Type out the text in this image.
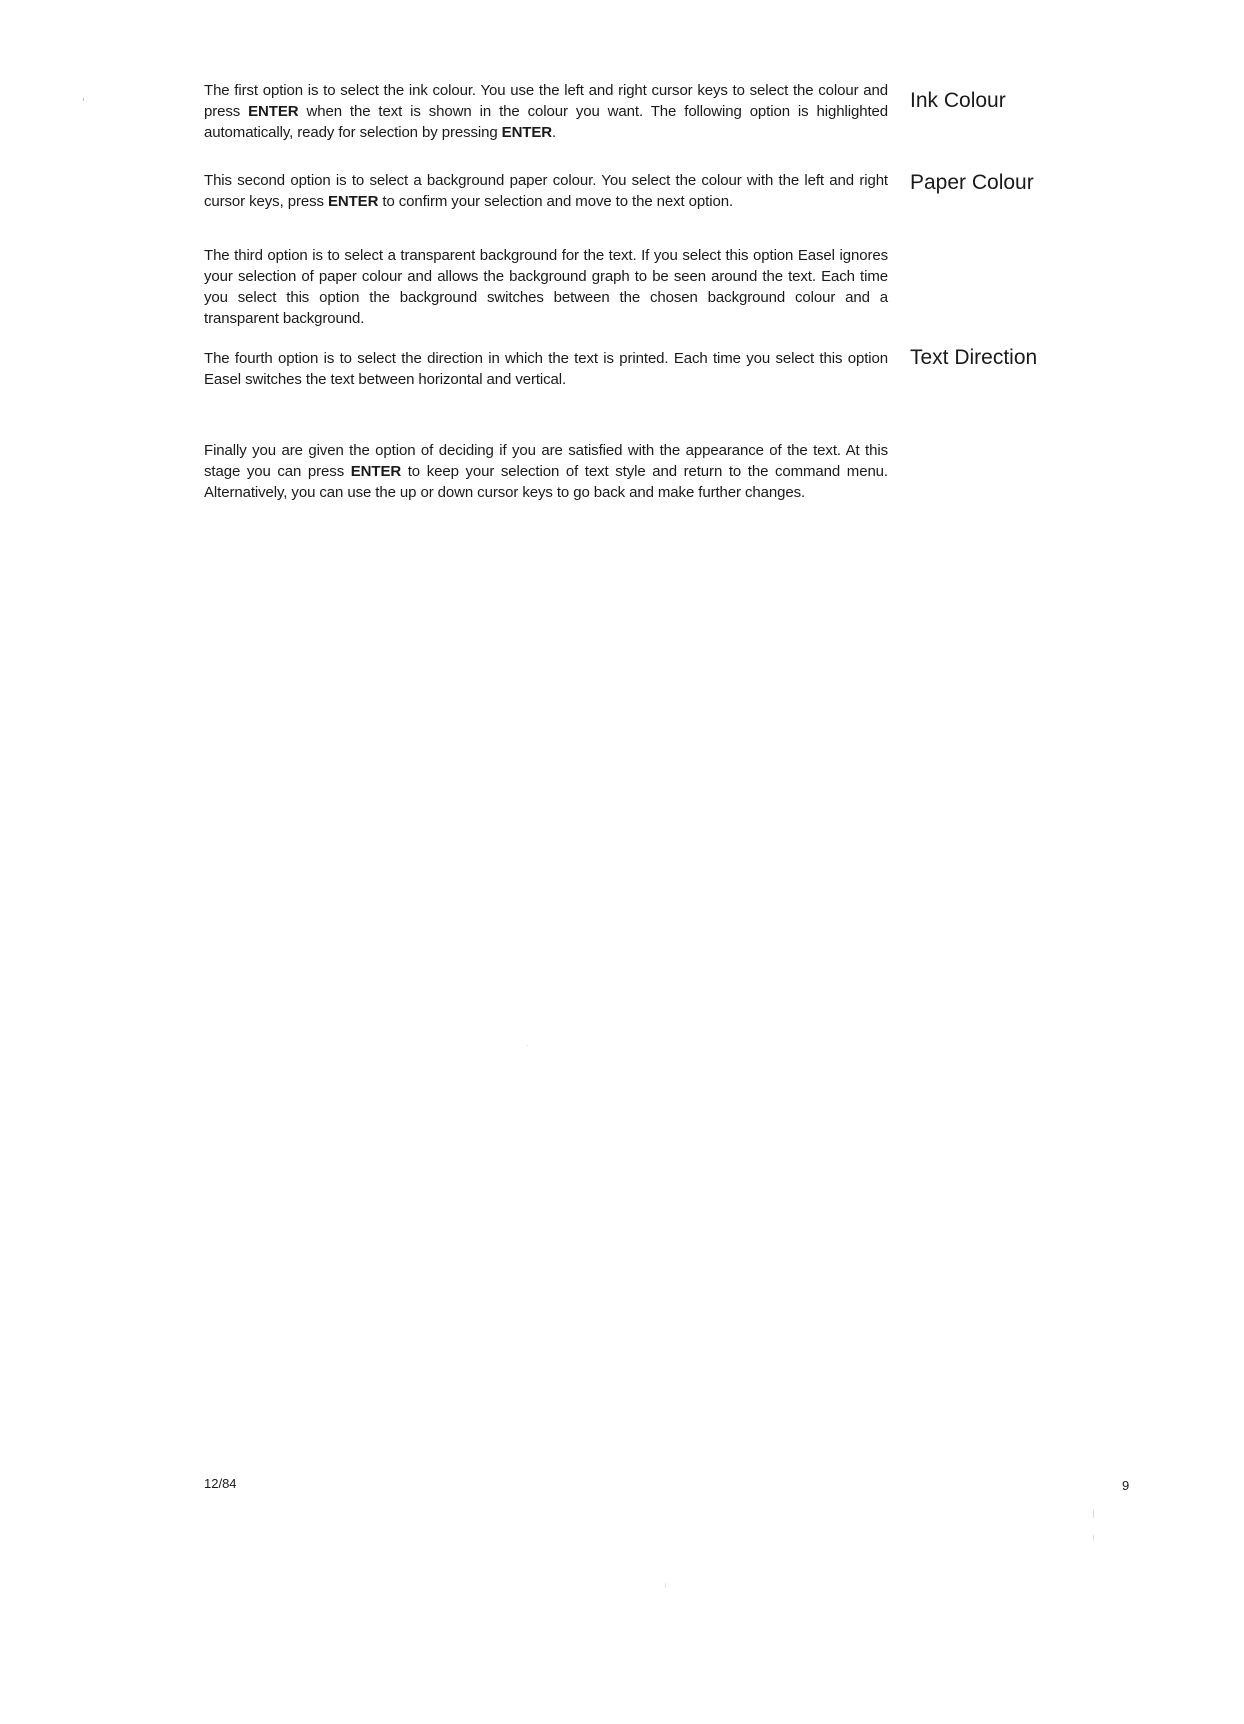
The first option is to select the ink colour. You use the left and right cursor keys to select the colour and press ENTER when the text is shown in the colour you want. The following option is highlighted automatically, ready for selection by pressing ENTER.

Ink Colour

This second option is to select a background paper colour. You select the colour with the left and right cursor keys, press ENTER to confirm your selection and move to the next option.

Paper Colour

The third option is to select a transparent background for the text. If you select this option Easel ignores your selection of paper colour and allows the background graph to be seen around the text. Each time you select this option the background switches between the chosen background colour and a transparent background.

The fourth option is to select the direction in which the text is printed. Each time you select this option Easel switches the text between horizontal and vertical.

Text Direction

Finally you are given the option of deciding if you are satisfied with the appearance of the text. At this stage you can press ENTER to keep your selection of text style and return to the command menu. Alternatively, you can use the up or down cursor keys to go back and make further changes.

12/84	9
